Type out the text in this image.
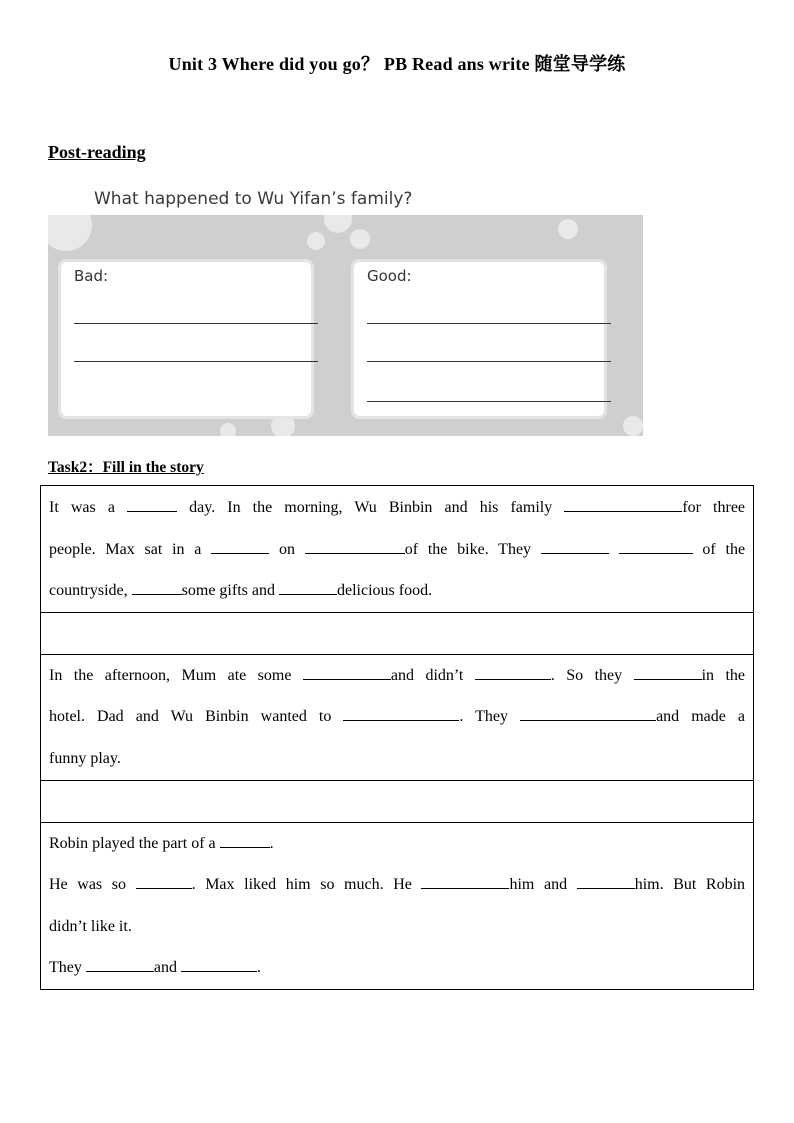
Unit 3 Where did you go？ PB Read ans write 随堂导学练
Post-reading
What happened to Wu Yifan’s family?
Bad:	Good:
Task2：Fill in the story
It was a	day. In the morning, Wu Binbin and his family	for three
people. Max sat in a	on	of the bike. They	of the
countryside,	some gifts and	delicious food.

In the afternoon, Mum ate some	and didn’t	. So they	in the
hotel. Dad and Wu Binbin wanted to	. They	and made a
funny play.

Robin played the part of a	.
He was so	. Max liked him so much. He	him and	him. But Robin
didn’t like it.
They	and	.
